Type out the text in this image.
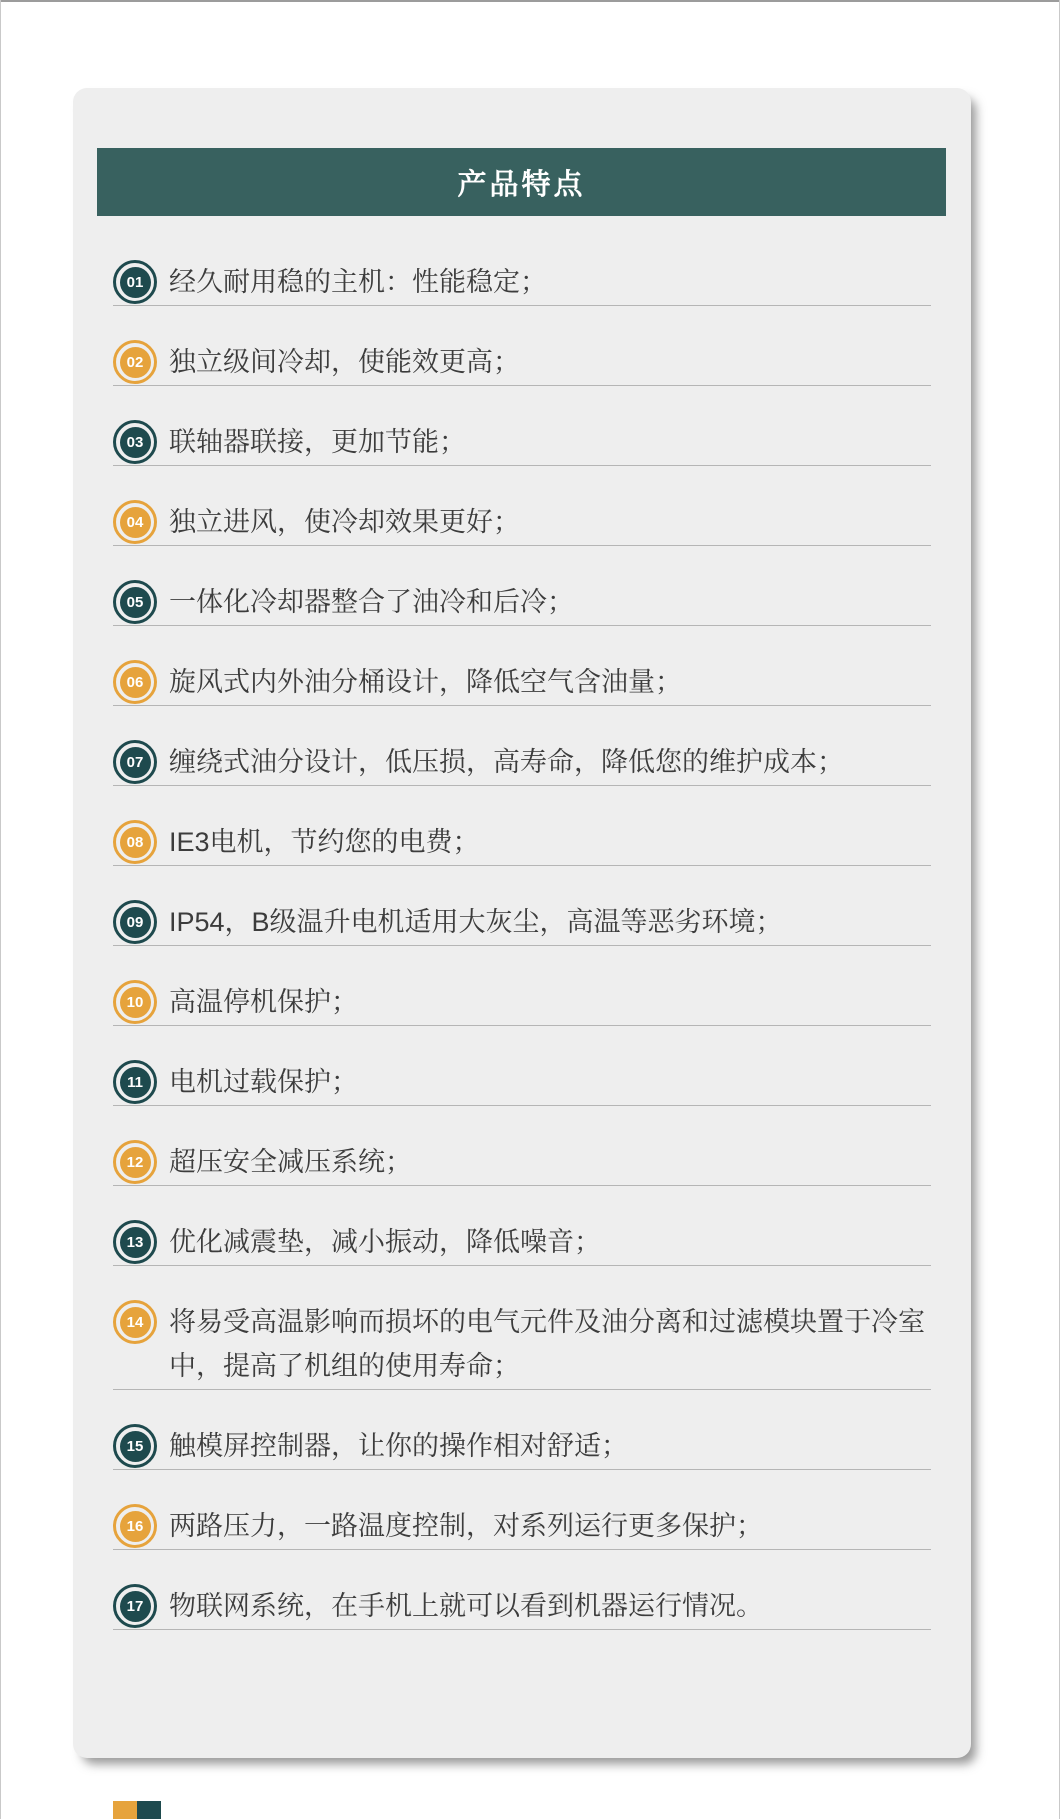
产品特点
01 经久耐用稳的主机：性能稳定；
02 独立级间冷却，使能效更高；
03 联轴器联接，更加节能；
04 独立进风，使冷却效果更好；
05 一体化冷却器整合了油冷和后冷；
06 旋风式内外油分桶设计，降低空气含油量；
07 缠绕式油分设计，低压损，高寿命，降低您的维护成本；
08 IE3电机，节约您的电费；
09 IP54，B级温升电机适用大灰尘，高温等恶劣环境；
10 高温停机保护；
11 电机过载保护；
12 超压安全减压系统；
13 优化减震垫，减小振动，降低噪音；
14 将易受高温影响而损坏的电气元件及油分离和过滤模块置于冷室中，提高了机组的使用寿命；
15 触模屏控制器，让你的操作相对舒适；
16 两路压力，一路温度控制，对系列运行更多保护；
17 物联网系统，在手机上就可以看到机器运行情况。
